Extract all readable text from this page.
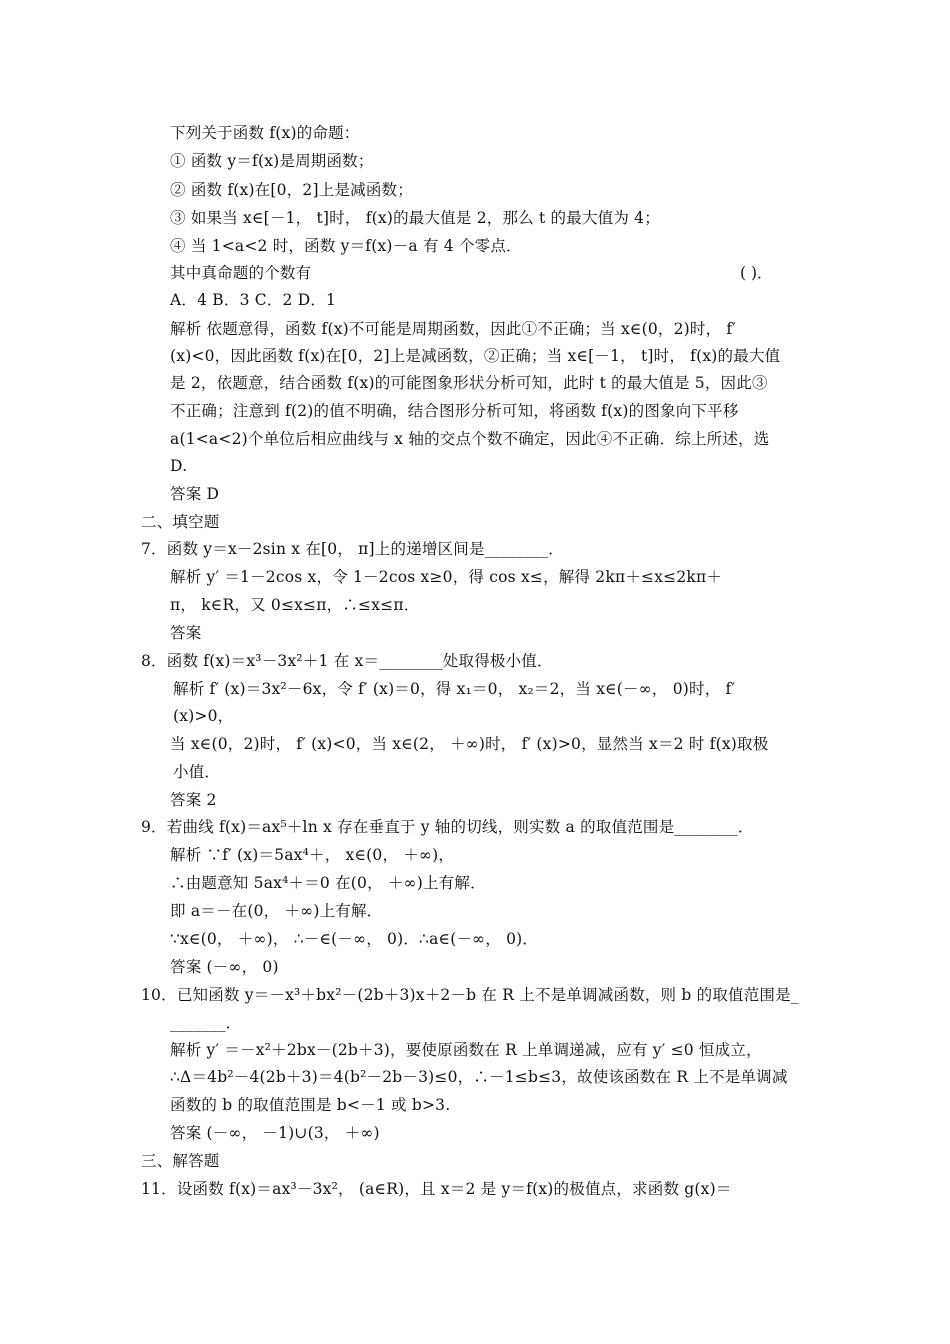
下列关于函数 f(x)的命题：
① 函数 y＝f(x)是周期函数；
② 函数 f(x)在[0，2]上是减函数；
③ 如果当 x∈[－1， t]时， f(x)的最大值是 2，那么 t 的最大值为 4；
④ 当 1<a<2 时，函数 y＝f(x)－a 有 4 个零点．
其中真命题的个数有	( )．
A．4 B．3 C．2 D．1
解析 依题意得，函数 f(x)不可能是周期函数，因此①不正确；当 x∈(0，2)时， f′
(x)<0，因此函数 f(x)在[0，2]上是减函数，②正确；当 x∈[－1， t]时， f(x)的最大值
是 2，依题意，结合函数 f(x)的可能图象形状分析可知，此时 t 的最大值是 5，因此③
不正确；注意到 f(2)的值不明确，结合图形分析可知，将函数 f(x)的图象向下平移
a(1<a<2)个单位后相应曲线与 x 轴的交点个数不确定，因此④不正确．综上所述，选
D.
答案 D
二、填空题
7．函数 y＝x－2sin x 在[0， π]上的递增区间是________．
解析 y′ ＝1－2cos x，令 1－2cos x≥0，得 cos x≤，解得 2kπ＋≤x≤2kπ＋
π， k∈R，又 0≤x≤π，∴≤x≤π．
答案
8．函数 f(x)＝x³－3x²＋1 在 x＝________处取得极小值．
解析 f′ (x)＝3x²－6x，令 f′ (x)＝0，得 x₁＝0， x₂＝2，当 x∈(－∞， 0)时， f′
(x)>0，
当 x∈(0，2)时， f′ (x)<0，当 x∈(2， ＋∞)时， f′ (x)>0，显然当 x＝2 时 f(x)取极
小值．
答案 2
9．若曲线 f(x)＝ax⁵＋ln x 存在垂直于 y 轴的切线，则实数 a 的取值范围是________．
解析 ∵f′ (x)＝5ax⁴＋， x∈(0， ＋∞)，
∴由题意知 5ax⁴＋＝0 在(0， ＋∞)上有解．
即 a＝－在(0， ＋∞)上有解．
∵x∈(0， ＋∞)， ∴－∈(－∞， 0)．∴a∈(－∞， 0)．
答案 (－∞， 0)
10．已知函数 y＝－x³＋bx²－(2b＋3)x＋2－b 在 R 上不是单调减函数，则 b 的取值范围是_
_______．
解析 y′ ＝－x²＋2bx－(2b＋3)，要使原函数在 R 上单调递减，应有 y′ ≤0 恒成立，
∴Δ＝4b²－4(2b＋3)＝4(b²－2b－3)≤0，∴－1≤b≤3，故使该函数在 R 上不是单调减
函数的 b 的取值范围是 b<－1 或 b>3.
答案 (－∞， －1)∪(3， ＋∞)
三、解答题
11．设函数 f(x)＝ax³－3x²， (a∈R)，且 x＝2 是 y＝f(x)的极值点，求函数 g(x)＝
